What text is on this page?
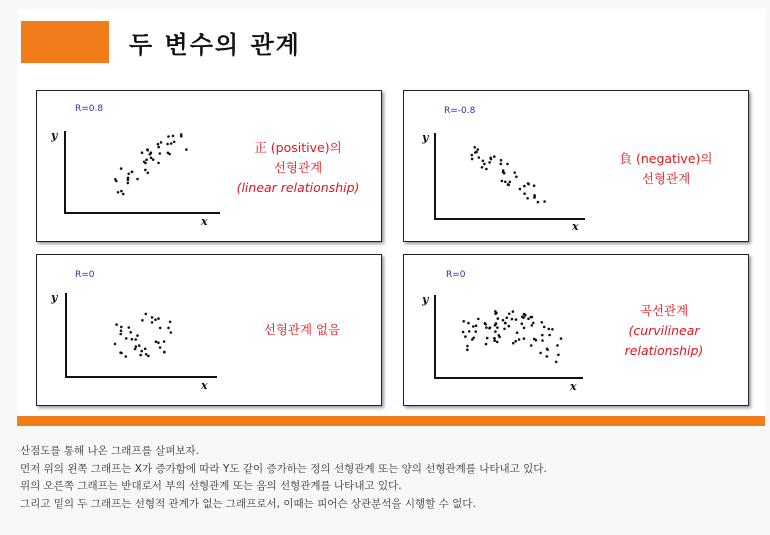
두 변수의 관계
R=0.8
y
x
正 (positive)의
선형관계
(linear relationship)
R=-0.8
y
x
負 (negative)의
선형관계
R=0
y
x
선형관계 없음
R=0
y
x
곡선관계
(curvilinear
relationship)

산점도를 통해 나온 그래프를 살펴보자.

먼저 위의 왼쪽 그래프는 X가 증가함에 따라 Y도 같이 증가하는 정의 선형관계 또는 양의 선형관계를 나타내고 있다.

위의 오른쪽 그래프는 반대로서 부의 선형관계 또는 음의 선형관계를 나타내고 있다.

그리고 밑의 두 그래프는 선형적 관계가 없는 그래프로서, 이때는 피어슨 상관분석을 시행할 수 없다.
